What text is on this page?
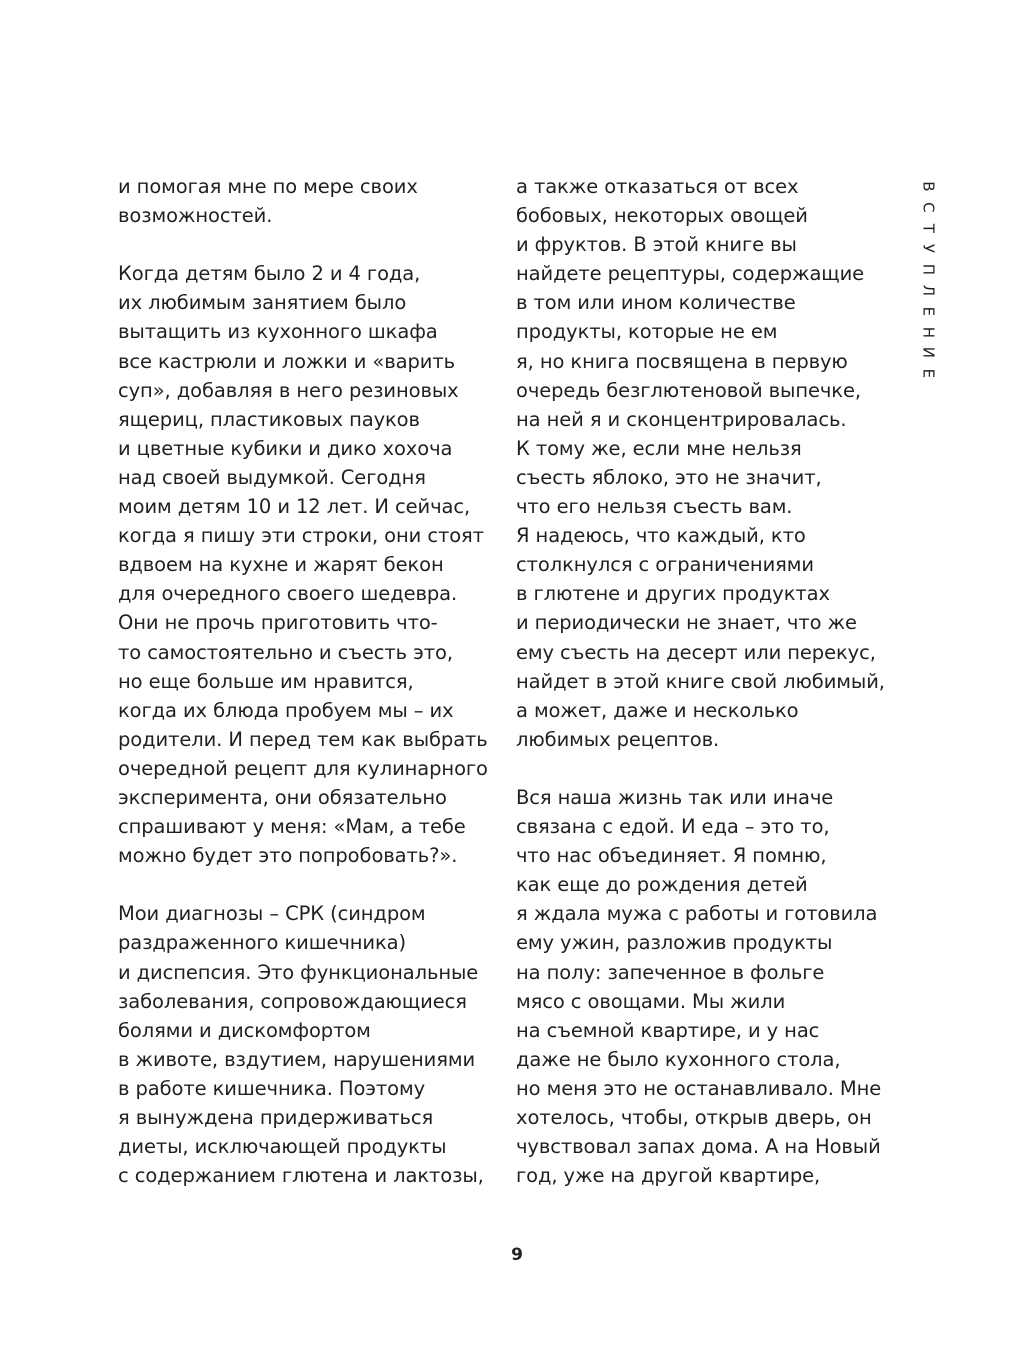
и помогая мне по мере своих
возможностей.

Когда детям было 2 и 4 года,
их любимым занятием было
вытащить из кухонного шкафа
все кастрюли и ложки и «варить
суп», добавляя в него резиновых
ящериц, пластиковых пауков
и цветные кубики и дико хохоча
над своей выдумкой. Сегодня
моим детям 10 и 12 лет. И сейчас,
когда я пишу эти строки, они стоят
вдвоем на кухне и жарят бекон
для очередного своего шедевра.
Они не прочь приготовить что-
то самостоятельно и съесть это,
но еще больше им нравится,
когда их блюда пробуем мы – их
родители. И перед тем как выбрать
очередной рецепт для кулинарного
эксперимента, они обязательно
спрашивают у меня: «Мам, а тебе
можно будет это попробовать?».

Мои диагнозы – СРК (синдром
раздраженного кишечника)
и диспепсия. Это функциональные
заболевания, сопровождающиеся
болями и дискомфортом
в животе, вздутием, нарушениями
в работе кишечника. Поэтому
я вынуждена придерживаться
диеты, исключающей продукты
с содержанием глютена и лактозы,

а также отказаться от всех
бобовых, некоторых овощей
и фруктов. В этой книге вы
найдете рецептуры, содержащие
в том или ином количестве
продукты, которые не ем
я, но книга посвящена в первую
очередь безглютеновой выпечке,
на ней я и сконцентрировалась.
К тому же, если мне нельзя
съесть яблоко, это не значит,
что его нельзя съесть вам.
Я надеюсь, что каждый, кто
столкнулся с ограничениями
в глютене и других продуктах
и периодически не знает, что же
ему съесть на десерт или перекус,
найдет в этой книге свой любимый,
а может, даже и несколько
любимых рецептов.

Вся наша жизнь так или иначе
связана с едой. И еда – это то,
что нас объединяет. Я помню,
как еще до рождения детей
я ждала мужа с работы и готовила
ему ужин, разложив продукты
на полу: запеченное в фольге
мясо с овощами. Мы жили
на съемной квартире, и у нас
даже не было кухонного стола,
но меня это не останавливало. Мне
хотелось, чтобы, открыв дверь, он
чувствовал запах дома. А на Новый
год, уже на другой квартире,

В
С
Т
У
П
Л
Е
Н
И
Е
9
